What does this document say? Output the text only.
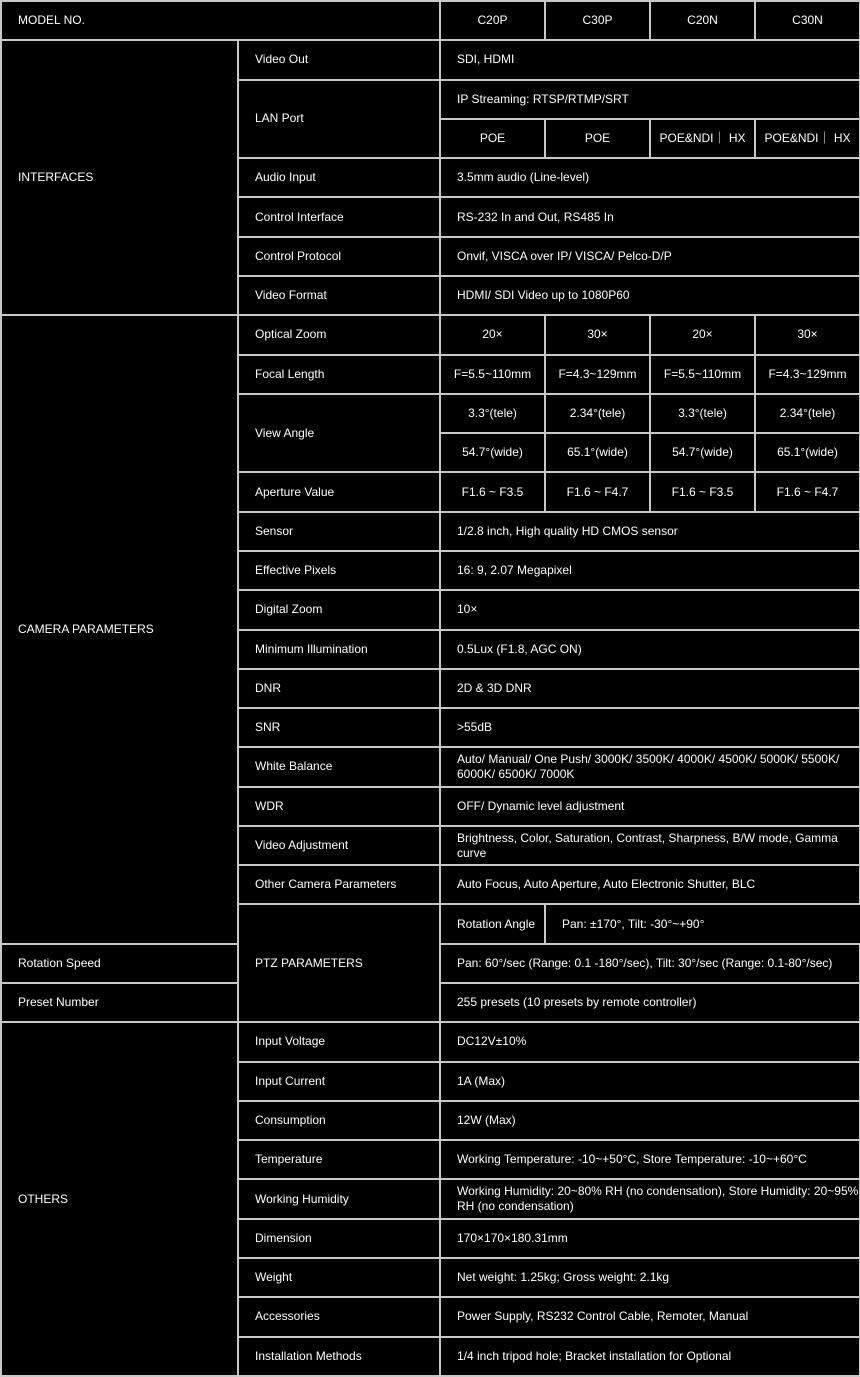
MODEL NO.		C20P	C30P	C20N	C30N
INTERFACES	Video Out	SDI, HDMI			
	LAN Port	IP Streaming: RTSP/RTMP/SRT			
		POE	POE	POE&NDI｜ HX	POE&NDI｜ HX
	Audio Input	3.5mm audio (Line-level)			
	Control Interface	RS-232 In and Out, RS485 In			
	Control Protocol	Onvif, VISCA over IP/ VISCA/ Pelco-D/P			
	Video Format	HDMI/ SDI Video up to 1080P60			
CAMERA PARAMETERS	Optical Zoom	20×	30×	20×	30×
	Focal Length	F=5.5~110mm	F=4.3~129mm	F=5.5~110mm	F=4.3~129mm
	View Angle	3.3°(tele)	2.34°(tele)	3.3°(tele)	2.34°(tele)
		54.7°(wide)	65.1°(wide)	54.7°(wide)	65.1°(wide)
	Aperture Value	F1.6 ~ F3.5	F1.6 ~ F4.7	F1.6 ~ F3.5	F1.6 ~ F4.7
	Sensor	1/2.8 inch, High quality HD CMOS sensor			
	Effective Pixels	16: 9, 2.07 Megapixel			
	Digital Zoom	10×			
	Minimum Illumination	0.5Lux (F1.8, AGC ON)			
	DNR	2D & 3D DNR			
	SNR	>55dB			
	White Balance	Auto/ Manual/ One Push/ 3000K/ 3500K/ 4000K/ 4500K/ 5000K/ 5500K/ 6000K/ 6500K/ 7000K			
	WDR	OFF/ Dynamic level adjustment			
	Video Adjustment	Brightness, Color, Saturation, Contrast, Sharpness, B/W mode, Gamma curve			
	Other Camera Parameters	Auto Focus, Auto Aperture, Auto Electronic Shutter, BLC			
	PTZ PARAMETERS	Rotation Angle	Pan: ±170°, Tilt: -30°~+90°		
Rotation Speed		Pan: 60°/sec (Range: 0.1 -180°/sec), Tilt: 30°/sec (Range: 0.1-80°/sec)			
Preset Number		255 presets (10 presets by remote controller)			
OTHERS	Input Voltage	DC12V±10%			
	Input Current	1A (Max)			
	Consumption	12W (Max)			
	Temperature	Working Temperature: -10~+50°C, Store Temperature: -10~+60°C			
	Working Humidity	Working Humidity: 20~80% RH (no condensation), Store Humidity: 20~95% RH (no condensation)			
	Dimension	170×170×180.31mm			
	Weight	Net weight: 1.25kg; Gross weight: 2.1kg			
	Accessories	Power Supply, RS232 Control Cable, Remoter, Manual			
	Installation Methods	1/4 inch tripod hole; Bracket installation for Optional			
